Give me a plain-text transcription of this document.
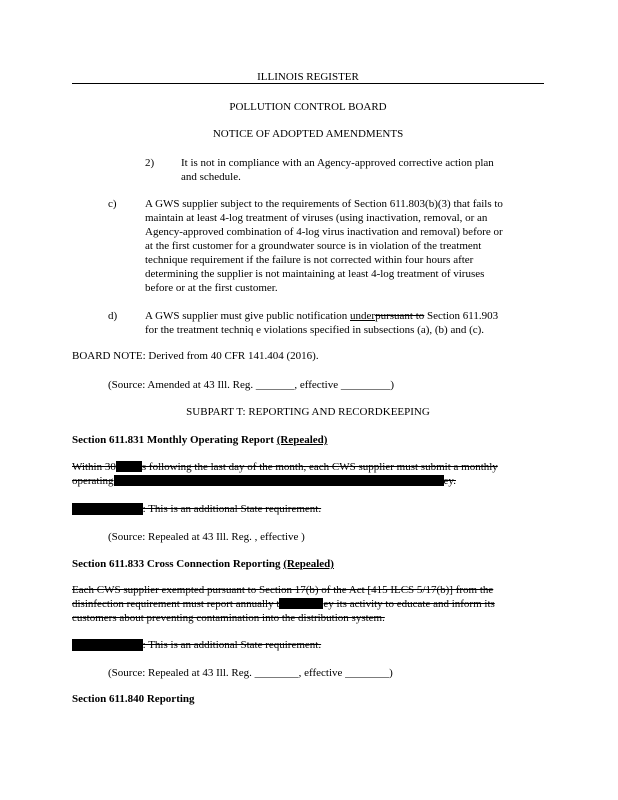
ILLINOIS REGISTER
POLLUTION CONTROL BOARD
NOTICE OF ADOPTED AMENDMENTS
2) It is not in compliance with an Agency-approved corrective action plan
and schedule.
c)	A GWS supplier subject to the requirements of Section 611.803(b)(3) that fails to
maintain at least 4-log treatment of viruses (using inactivation, removal, or an
Agency-approved combination of 4-log virus inactivation and removal) before or
at the first customer for a groundwater source is in violation of the treatment
technique requirement if the failure is not corrected within four hours after
determining the supplier is not maintaining at least 4-log treatment of viruses
before or at the first customer.
d)	A GWS supplier must give public notification underpursuant to Section 611.903
for the treatment techniq e violations specified in subsections (a), (b) and (c).
BOARD NOTE: Derived from 40 CFR 141.404 (2016).
(Source: Amended at 43 Ill. Reg. _______, effective _________)
SUBPART T: REPORTING AND RECORDKEEPING
Section 611.831 Monthly Operating Report (Repealed)
Within 30 s following the last day of the month, each CWS supplier must submit a monthly
operating	ey.
BOARD NOTE: This is an additional State requirement.
(Source: Repealed at 43 Ill. Reg. , effective )
Section 611.833 Cross Connection Reporting (Repealed)
Each CWS supplier exempted pursuant to Section 17(b) of the Act [415 ILCS 5/17(b)] from the
disinfection requirement must report annually t	ey its activity to educate and inform its
customers about preventing contamination into the distribution system.
BOARD NOTE: This is an additional State requirement.
(Source: Repealed at 43 Ill. Reg. ________, effective ________)
Section 611.840 Reporting
